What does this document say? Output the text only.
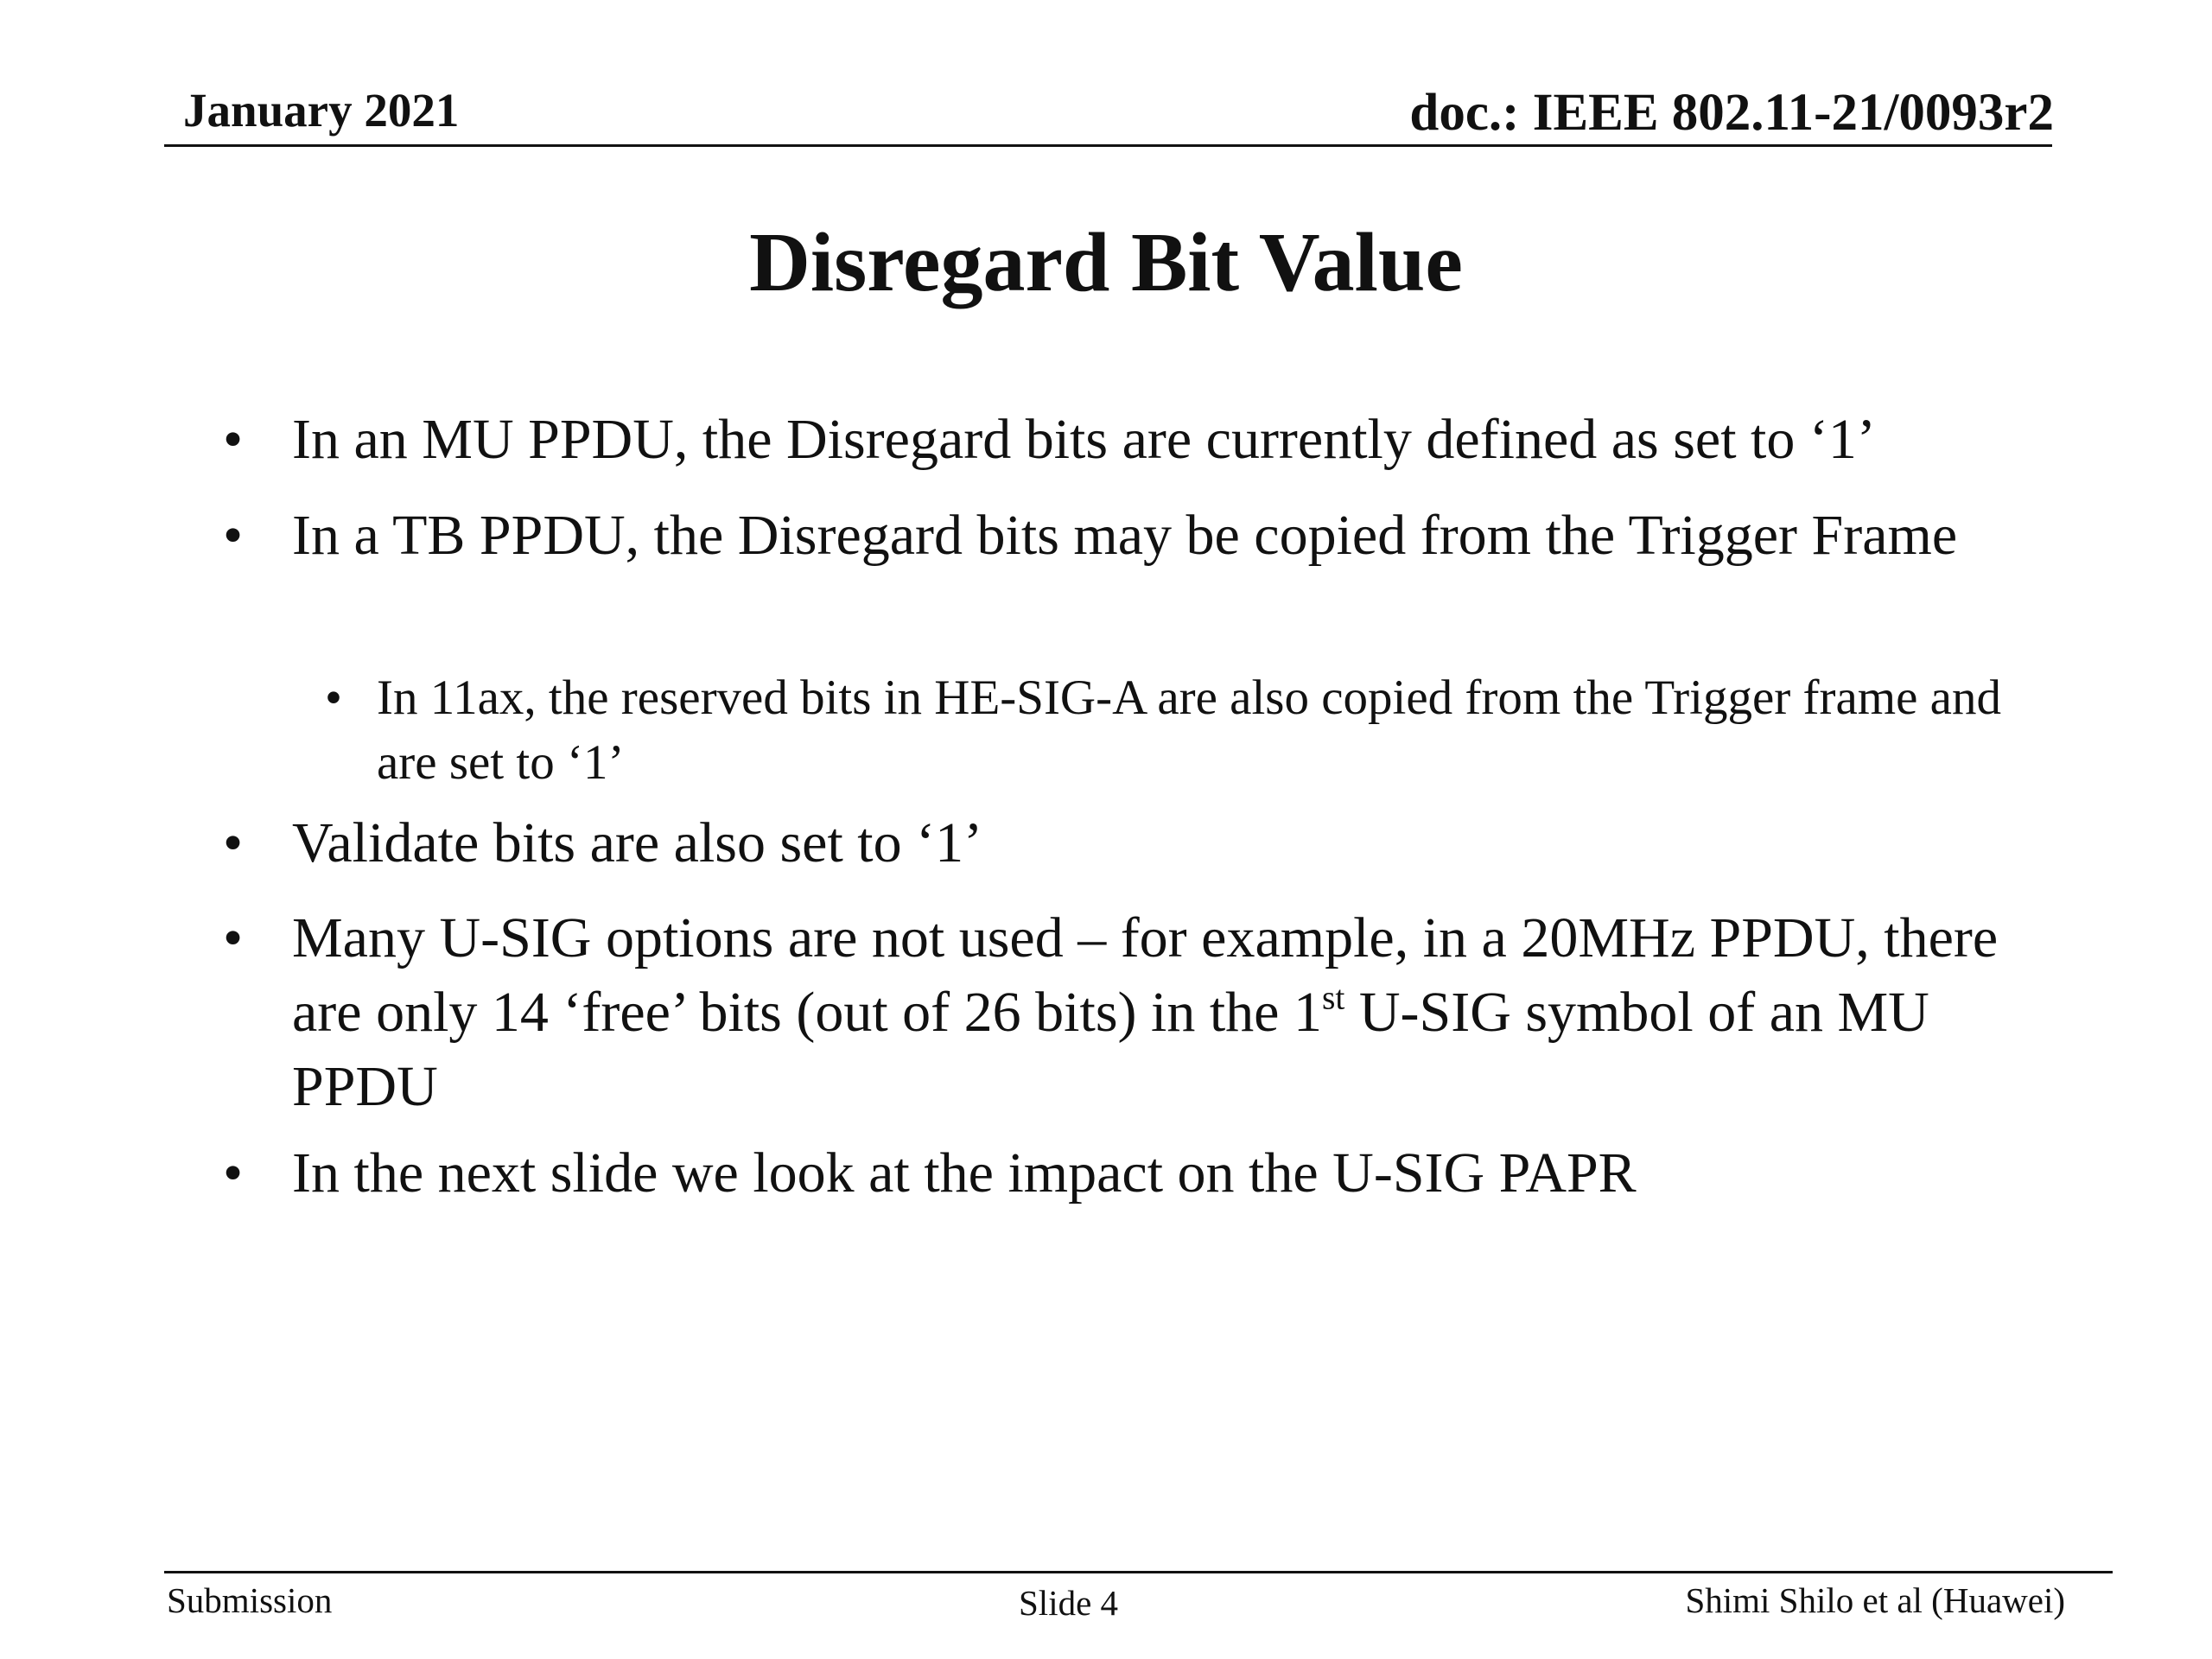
January 2021	doc.: IEEE 802.11-21/0093r2
Disregard Bit Value

• In an MU PPDU, the Disregard bits are currently defined as set to ‘1’

• In a TB PPDU, the Disregard bits may be copied from the Trigger Frame

• In 11ax, the reserved bits in HE-SIG-A are also copied from the Trigger frame and are set to ‘1’

• Validate bits are also set to ‘1’

• Many U-SIG options are not used – for example, in a 20MHz PPDU, there are only 14 ‘free’ bits (out of 26 bits) in the 1st U-SIG symbol of an MU PPDU

• In the next slide we look at the impact on the U-SIG PAPR

Submission	Slide 4	Shimi Shilo et al (Huawei)
